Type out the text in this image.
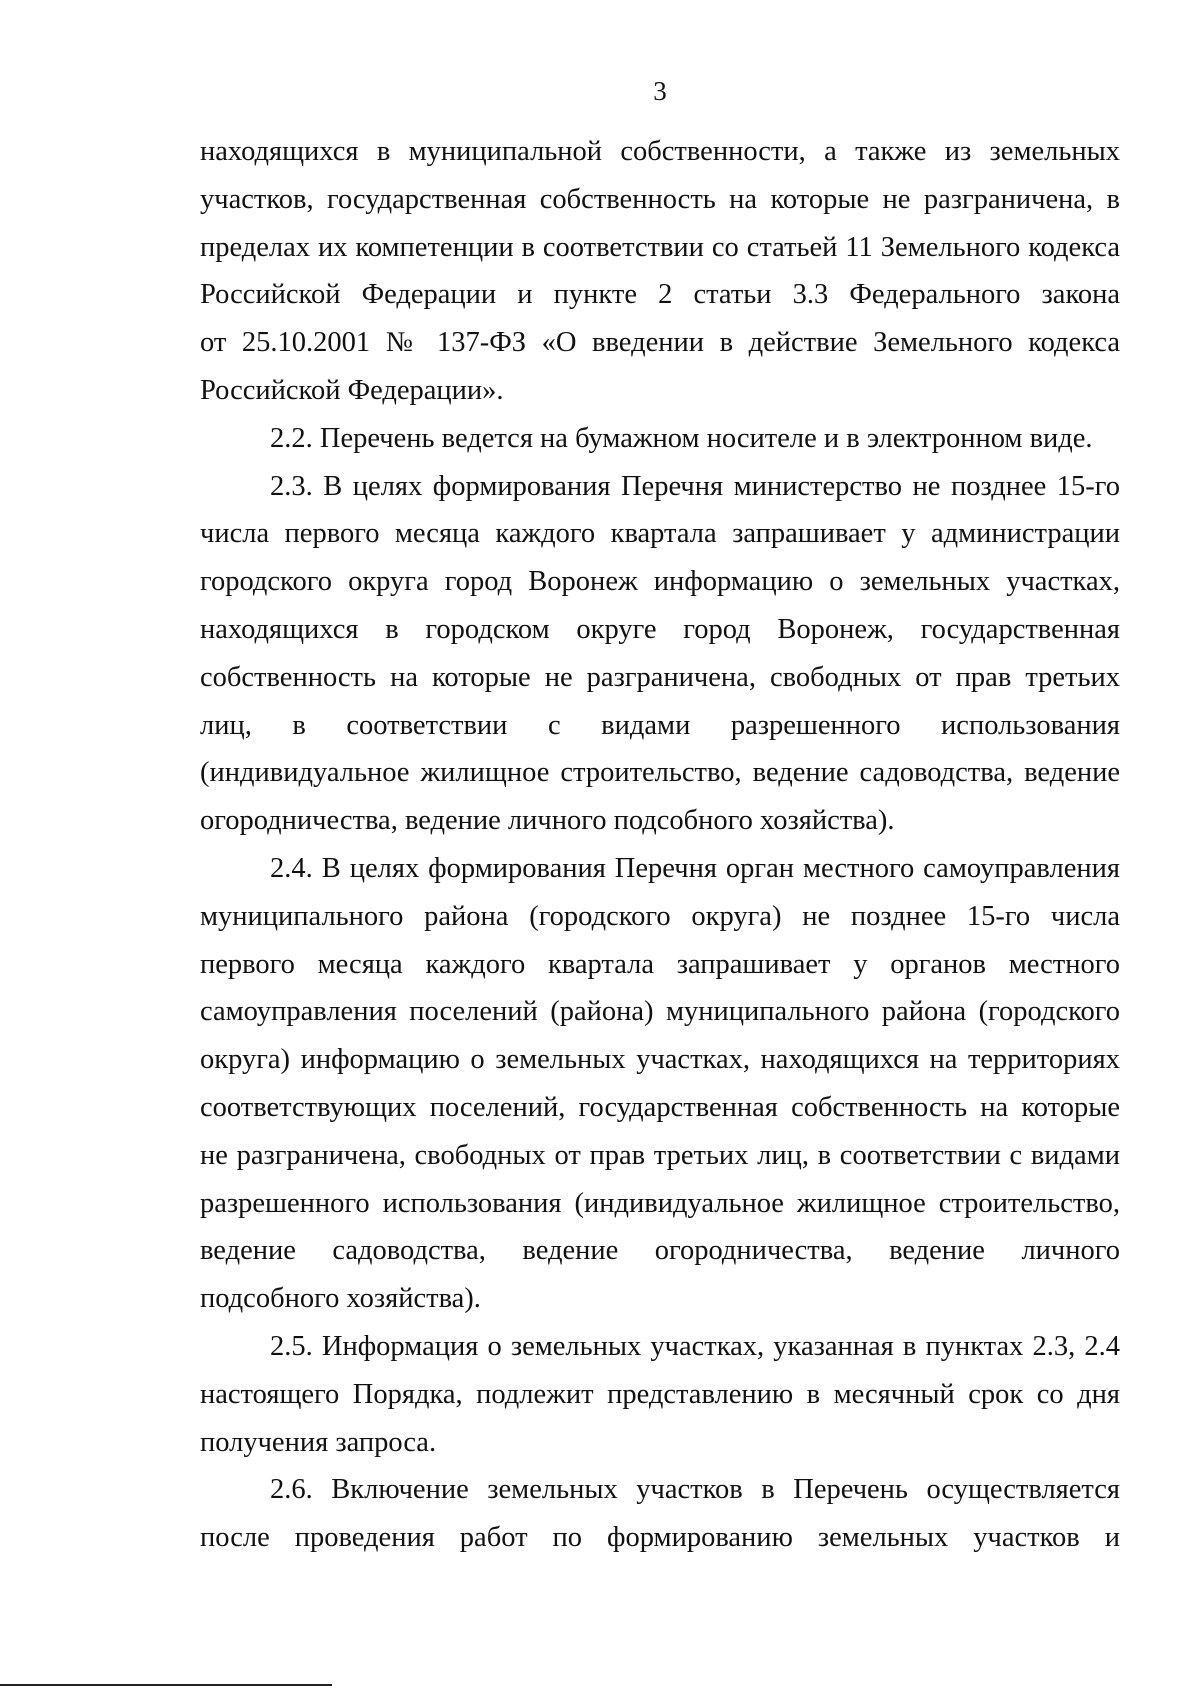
3
находящихся в муниципальной собственности, а также из земельных
участков, государственная собственность на которые не разграничена, в
пределах их компетенции в соответствии со статьей 11 Земельного кодекса
Российской Федерации и пункте 2 статьи 3.3 Федерального закона
от 25.10.2001 № 137-ФЗ «О введении в действие Земельного кодекса
Российской Федерации».
2.2. Перечень ведется на бумажном носителе и в электронном виде.
2.3. В целях формирования Перечня министерство не позднее 15-го
числа первого месяца каждого квартала запрашивает у администрации
городского округа город Воронеж информацию о земельных участках,
находящихся в городском округе город Воронеж, государственная
собственность на которые не разграничена, свободных от прав третьих
лиц, в соответствии с видами разрешенного использования
(индивидуальное жилищное строительство, ведение садоводства, ведение
огородничества, ведение личного подсобного хозяйства).
2.4. В целях формирования Перечня орган местного самоуправления
муниципального района (городского округа) не позднее 15-го числа
первого месяца каждого квартала запрашивает у органов местного
самоуправления поселений (района) муниципального района (городского
округа) информацию о земельных участках, находящихся на территориях
соответствующих поселений, государственная собственность на которые
не разграничена, свободных от прав третьих лиц, в соответствии с видами
разрешенного использования (индивидуальное жилищное строительство,
ведение садоводства, ведение огородничества, ведение личного
подсобного хозяйства).
2.5. Информация о земельных участках, указанная в пунктах 2.3, 2.4
настоящего Порядка, подлежит представлению в месячный срок со дня
получения запроса.
2.6. Включение земельных участков в Перечень осуществляется
после проведения работ по формированию земельных участков и
